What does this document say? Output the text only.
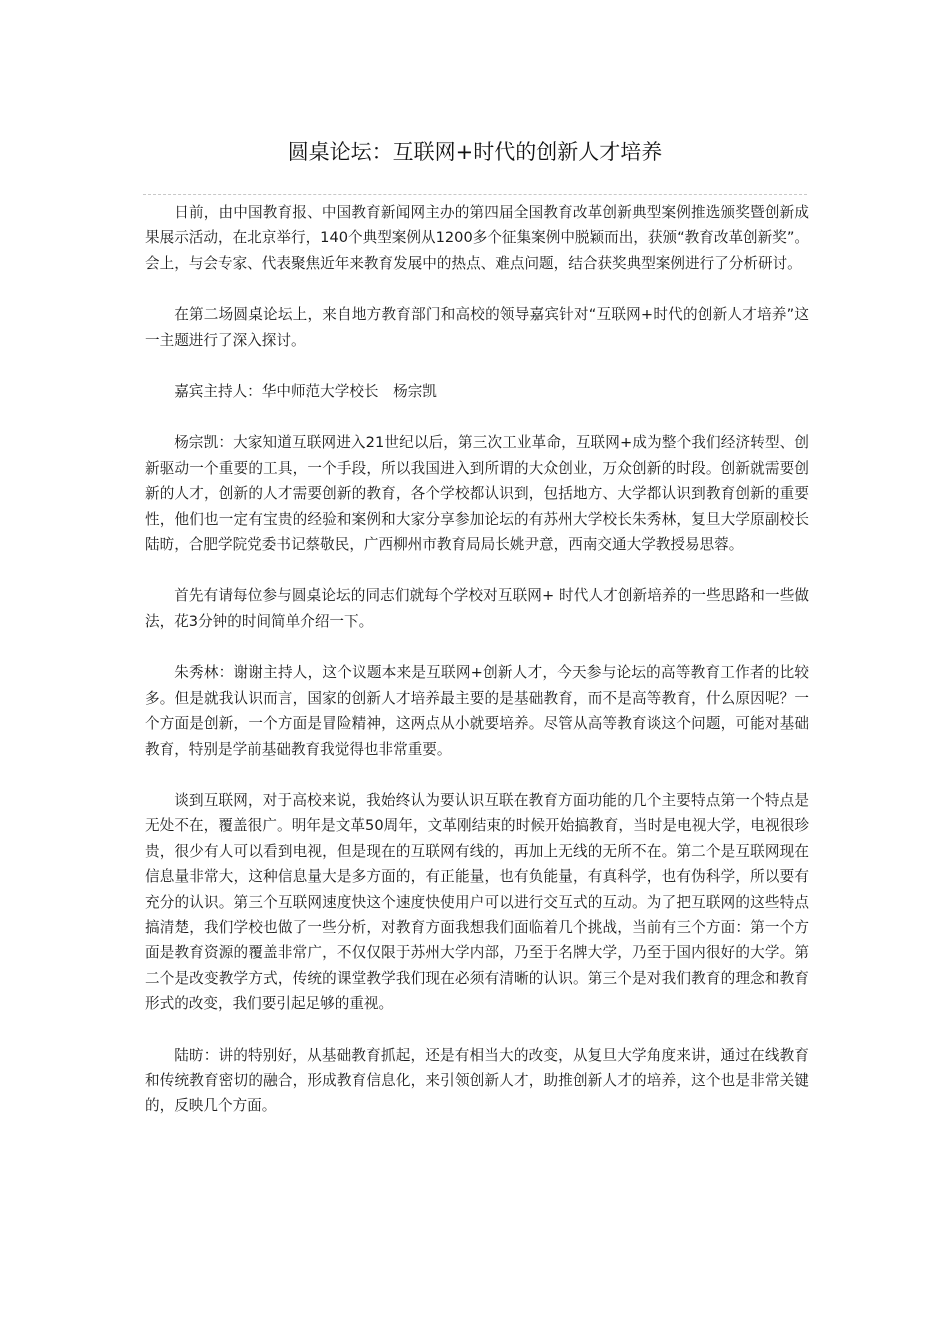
圆桌论坛：互联网+时代的创新人才培养

日前，由中国教育报、中国教育新闻网主办的第四届全国教育改革创新典型案例推选颁奖暨创新成果展示活动，在北京举行，140个典型案例从1200多个征集案例中脱颖而出，获颁“教育改革创新奖”。会上，与会专家、代表聚焦近年来教育发展中的热点、难点问题，结合获奖典型案例进行了分析研讨。

在第二场圆桌论坛上，来自地方教育部门和高校的领导嘉宾针对“互联网+时代的创新人才培养”这一主题进行了深入探讨。

嘉宾主持人：华中师范大学校长　杨宗凯

杨宗凯：大家知道互联网进入21世纪以后，第三次工业革命，互联网+成为整个我们经济转型、创新驱动一个重要的工具，一个手段，所以我国进入到所谓的大众创业，万众创新的时段。创新就需要创新的人才，创新的人才需要创新的教育，各个学校都认识到，包括地方、大学都认识到教育创新的重要性，他们也一定有宝贵的经验和案例和大家分享参加论坛的有苏州大学校长朱秀林，复旦大学原副校长陆昉，合肥学院党委书记蔡敬民，广西柳州市教育局局长姚尹意，西南交通大学教授易思蓉。

首先有请每位参与圆桌论坛的同志们就每个学校对互联网+ 时代人才创新培养的一些思路和一些做法，花3分钟的时间简单介绍一下。

朱秀林：谢谢主持人，这个议题本来是互联网+创新人才，今天参与论坛的高等教育工作者的比较多。但是就我认识而言，国家的创新人才培养最主要的是基础教育，而不是高等教育，什么原因呢？一个方面是创新，一个方面是冒险精神，这两点从小就要培养。尽管从高等教育谈这个问题，可能对基础教育，特别是学前基础教育我觉得也非常重要。

谈到互联网，对于高校来说，我始终认为要认识互联在教育方面功能的几个主要特点第一个特点是无处不在，覆盖很广。明年是文革50周年，文革刚结束的时候开始搞教育，当时是电视大学，电视很珍贵，很少有人可以看到电视，但是现在的互联网有线的，再加上无线的无所不在。第二个是互联网现在信息量非常大，这种信息量大是多方面的，有正能量，也有负能量，有真科学，也有伪科学，所以要有充分的认识。第三个互联网速度快这个速度快使用户可以进行交互式的互动。为了把互联网的这些特点搞清楚，我们学校也做了一些分析，对教育方面我想我们面临着几个挑战，当前有三个方面：第一个方面是教育资源的覆盖非常广，不仅仅限于苏州大学内部，乃至于名牌大学，乃至于国内很好的大学。第二个是改变教学方式，传统的课堂教学我们现在必须有清晰的认识。第三个是对我们教育的理念和教育形式的改变，我们要引起足够的重视。

陆昉：讲的特别好，从基础教育抓起，还是有相当大的改变，从复旦大学角度来讲，通过在线教育和传统教育密切的融合，形成教育信息化，来引领创新人才，助推创新人才的培养，这个也是非常关键的，反映几个方面。
